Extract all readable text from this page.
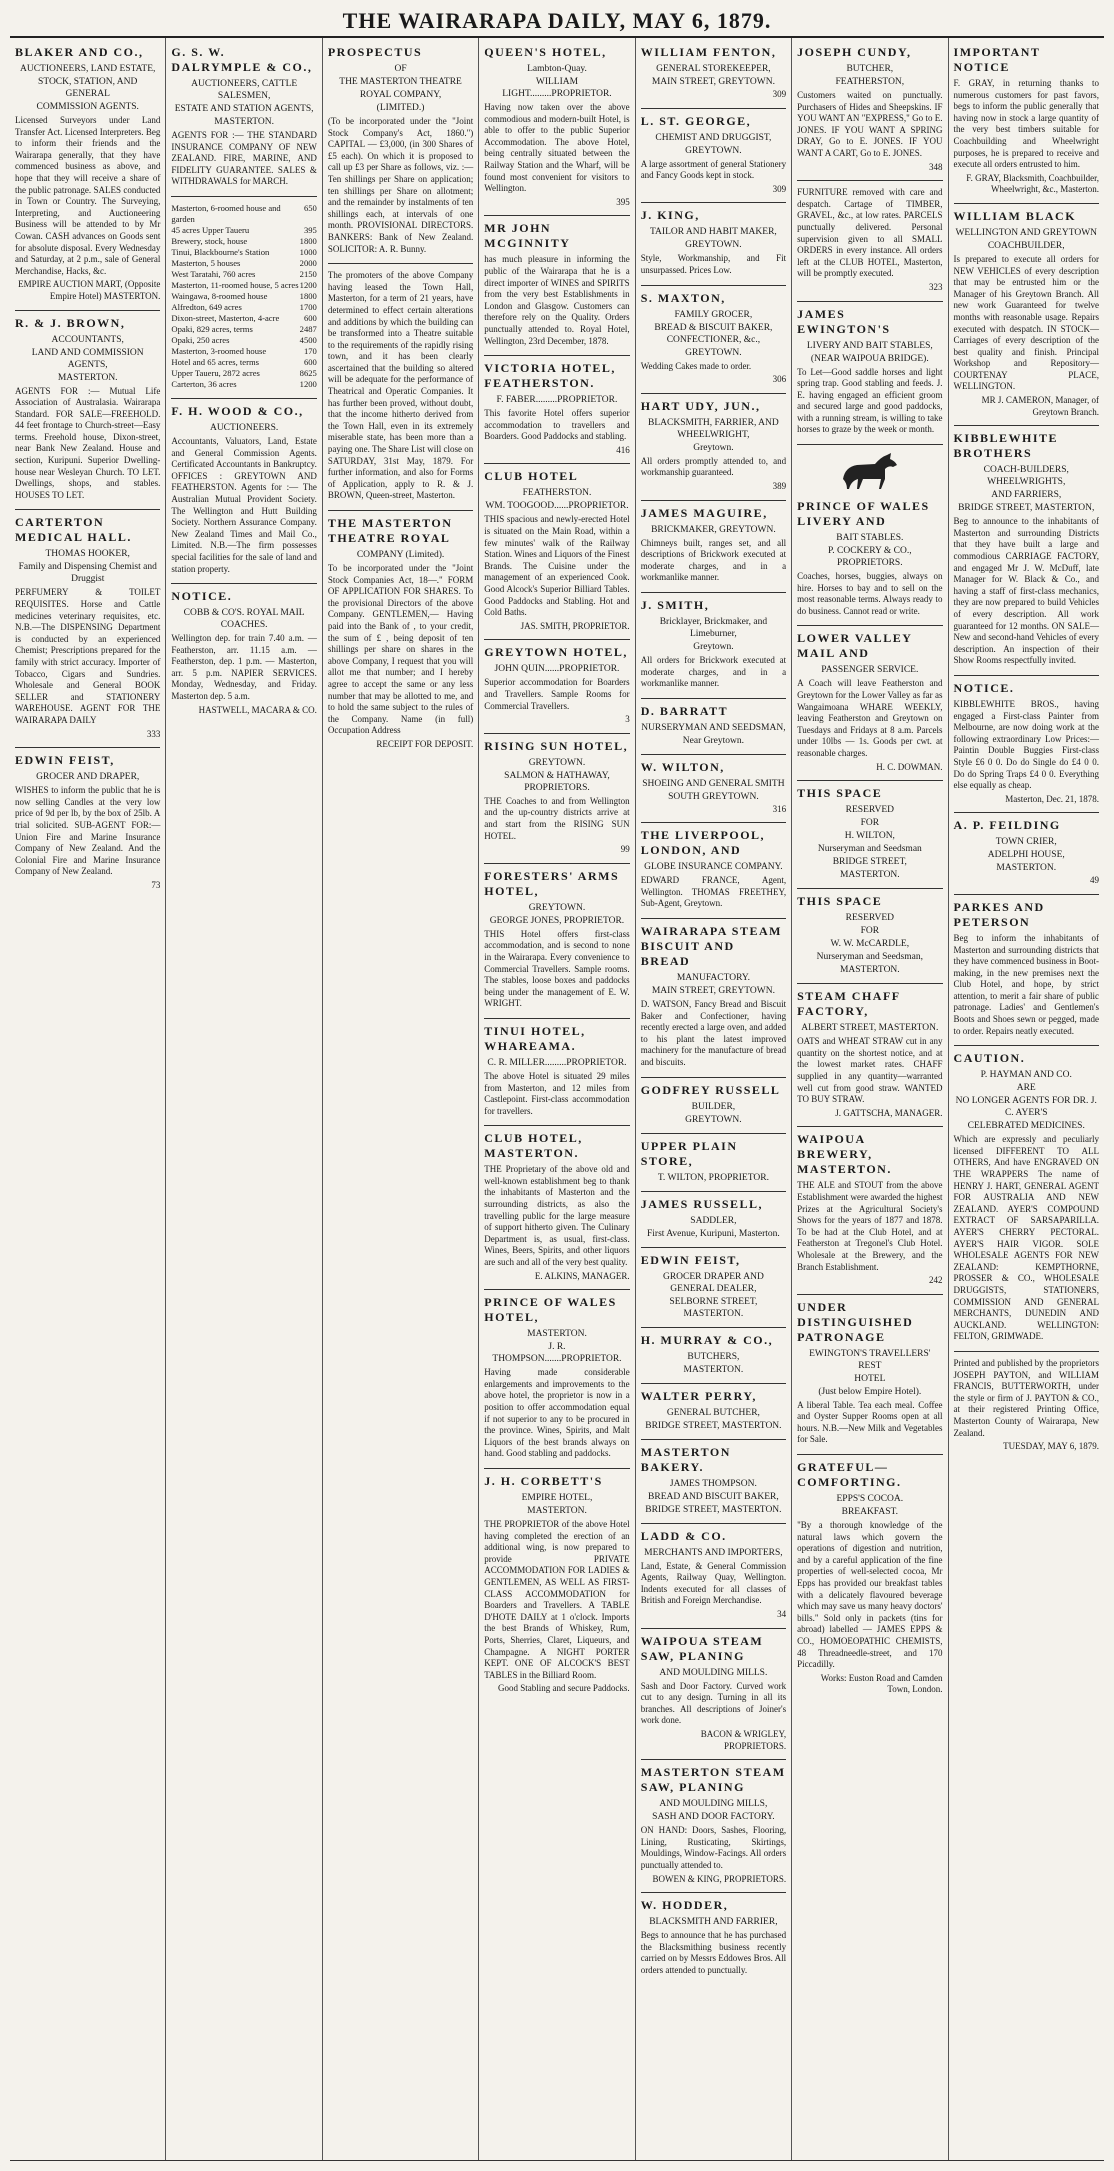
THE WAIRARAPA DAILY, MAY 6, 1879.
BLAKER AND CO.,
AUCTIONEERS, LAND ESTATE,
STOCK, STATION, AND GENERAL
COMMISSION AGENTS.
Licensed Surveyors under Land Transfer Act. Licensed Interpreters. Beg to inform their friends and the Wairarapa generally, that they have commenced business as above, and hope that they will receive a share of the public patronage. SALES conducted in Town or Country. The Surveying, Interpreting, and Auctioneering Business will be attended to by Mr Cowan. CASH advances on Goods sent for absolute disposal. Every Wednesday and Saturday, at 2 p.m., sale of General Merchandise, Hacks, &c.
EMPIRE AUCTION MART, (Opposite Empire Hotel) MASTERTON.
R. & J. BROWN,
ACCOUNTANTS,
LAND AND COMMISSION AGENTS,
MASTERTON.
AGENTS FOR :— Mutual Life Association of Australasia. Wairarapa Standard. FOR SALE—FREEHOLD. 44 feet frontage to Church-street—Easy terms. Freehold house, Dixon-street, near Bank New Zealand. House and section, Kuripuni. Superior Dwelling-house near Wesleyan Church. TO LET. Dwellings, shops, and stables. HOUSES TO LET.
CARTERTON MEDICAL HALL.
THOMAS HOOKER,
Family and Dispensing Chemist and Druggist
PERFUMERY & TOILET REQUISITES. Horse and Cattle medicines veterinary requisites, etc. N.B.—The DISPENSING Department is conducted by an experienced Chemist; Prescriptions prepared for the family with strict accuracy. Importer of Tobacco, Cigars and Sundries. Wholesale and General BOOK SELLER and STATIONERY WAREHOUSE. AGENT FOR THE WAIRARAPA DAILY
333
EDWIN FEIST,
GROCER AND DRAPER,
WISHES to inform the public that he is now selling Candles at the very low price of 9d per lb, by the box of 25lb. A trial solicited. SUB-AGENT FOR:— Union Fire and Marine Insurance Company of New Zealand. And the Colonial Fire and Marine Insurance Company of New Zealand.
73
G. S. W. DALRYMPLE & CO.,
AUCTIONEERS, CATTLE SALESMEN,
ESTATE AND STATION AGENTS,
MASTERTON.
AGENTS FOR :— THE STANDARD INSURANCE COMPANY OF NEW ZEALAND. FIRE, MARINE, AND FIDELITY GUARANTEE. SALES & WITHDRAWALS for MARCH.
Masterton, 6-roomed house and garden
650
45 acres Upper Taueru	395
Brewery, stock, house	1800
Tinui, Blackbourne's Station	1000
Masterton, 5 houses	2000
West Taratahi, 760 acres	2150
Masterton, 11-roomed house, 5 acres 1200
Waingawa, 8-roomed house	1800
Alfredton, 649 acres	1700
Dixon-street, Masterton, 4-acre	600
Opaki, 829 acres, terms	2487
Opaki, 250 acres	4500
Masterton, 3-roomed house	170
Hotel and 65 acres, terms	600
Upper Taueru, 2872 acres	8625
Carterton, 36 acres	1200
F. H. WOOD & CO.,
AUCTIONEERS.
Accountants, Valuators, Land, Estate and General Commission Agents. Certificated Accountants in Bankruptcy. OFFICES : GREYTOWN AND FEATHERSTON. Agents for :— The Australian Mutual Provident Society. The Wellington and Hutt Building Society. Northern Assurance Company. New Zealand Times and Mail Co., Limited. N.B.—The firm possesses special facilities for the sale of land and station property.
NOTICE.
COBB & CO'S. ROYAL MAIL COACHES.
Wellington dep. for train 7.40 a.m. — Featherston, arr. 11.15 a.m. — Featherston, dep. 1 p.m. — Masterton, arr. 5 p.m. NAPIER SERVICES. Monday, Wednesday, and Friday. Masterton dep. 5 a.m.
HASTWELL, MACARA & CO.
PROSPECTUS
OF
THE MASTERTON THEATRE
ROYAL COMPANY,
(LIMITED.)
(To be incorporated under the "Joint Stock Company's Act, 1860.") CAPITAL — £3,000, (in 300 Shares of £5 each). On which it is proposed to call up £3 per Share as follows, viz. :—Ten shillings per Share on application; ten shillings per Share on allotment; and the remainder by instalments of ten shillings each, at intervals of one month. PROVISIONAL DIRECTORS. BANKERS: Bank of New Zealand. SOLICITOR: A. R. Bunny.
The promoters of the above Company having leased the Town Hall, Masterton, for a term of 21 years, have determined to effect certain alterations and additions by which the building can be transformed into a Theatre suitable to the requirements of the rapidly rising town, and it has been clearly ascertained that the building so altered will be adequate for the performance of Theatrical and Operatic Companies. It has further been proved, without doubt, that the income hitherto derived from the Town Hall, even in its extremely miserable state, has been more than a paying one. The Share List will close on SATURDAY, 31st May, 1879. For further information, and also for Forms of Application, apply to R. & J. BROWN, Queen-street, Masterton.
THE MASTERTON THEATRE ROYAL
COMPANY (Limited).
To be incorporated under the "Joint Stock Companies Act, 18—." FORM OF APPLICATION FOR SHARES. To the provisional Directors of the above Company. GENTLEMEN,— Having paid into the Bank of , to your credit, the sum of £ , being deposit of ten shillings per share on shares in the above Company, I request that you will allot me that number; and I hereby agree to accept the same or any less number that may be allotted to me, and to hold the same subject to the rules of the Company. Name (in full) Occupation Address
RECEIPT FOR DEPOSIT.
QUEEN'S HOTEL,
Lambton-Quay.
WILLIAM LIGHT.........PROPRIETOR.
Having now taken over the above commodious and modern-built Hotel, is able to offer to the public Superior Accommodation. The above Hotel, being centrally situated between the Railway Station and the Wharf, will be found most convenient for visitors to Wellington.
395
MR JOHN MCGINNITY
has much pleasure in informing the public of the Wairarapa that he is a direct importer of WINES and SPIRITS from the very best Establishments in London and Glasgow. Customers can therefore rely on the Quality. Orders punctually attended to. Royal Hotel, Wellington, 23rd December, 1878.
VICTORIA HOTEL, FEATHERSTON.
F. FABER.........PROPRIETOR.
This favorite Hotel offers superior accommodation to travellers and Boarders. Good Paddocks and stabling.
416
CLUB HOTEL
FEATHERSTON.
WM. TOOGOOD......PROPRIETOR.
THIS spacious and newly-erected Hotel is situated on the Main Road, within a few minutes' walk of the Railway Station. Wines and Liquors of the Finest Brands. The Cuisine under the management of an experienced Cook. Good Alcock's Superior Billiard Tables. Good Paddocks and Stabling. Hot and Cold Baths.
JAS. SMITH, PROPRIETOR.
GREYTOWN HOTEL,
JOHN QUIN......PROPRIETOR.
Superior accommodation for Boarders and Travellers. Sample Rooms for Commercial Travellers.
3
RISING SUN HOTEL,
GREYTOWN.
SALMON & HATHAWAY, PROPRIETORS.
THE Coaches to and from Wellington and the up-country districts arrive at and start from the RISING SUN HOTEL.
99
FORESTERS' ARMS HOTEL,
GREYTOWN.
GEORGE JONES, PROPRIETOR.
THIS Hotel offers first-class accommodation, and is second to none in the Wairarapa. Every convenience to Commercial Travellers. Sample rooms. The stables, loose boxes and paddocks being under the management of E. W. WRIGHT.
TINUI HOTEL, WHAREAMA.
C. R. MILLER.........PROPRIETOR.
The above Hotel is situated 29 miles from Masterton, and 12 miles from Castlepoint. First-class accommodation for travellers.
CLUB HOTEL, MASTERTON.
THE Proprietary of the above old and well-known establishment beg to thank the inhabitants of Masterton and the surrounding districts, as also the travelling public for the large measure of support hitherto given. The Culinary Department is, as usual, first-class. Wines, Beers, Spirits, and other liquors are such and all of the very best quality.
E. ALKINS, MANAGER.
PRINCE OF WALES HOTEL,
MASTERTON.
J. R. THOMPSON.......PROPRIETOR.
Having made considerable enlargements and improvements to the above hotel, the proprietor is now in a position to offer accommodation equal if not superior to any to be procured in the province. Wines, Spirits, and Malt Liquors of the best brands always on hand. Good stabling and paddocks.
J. H. CORBETT'S
EMPIRE HOTEL,
MASTERTON.
THE PROPRIETOR of the above Hotel having completed the erection of an additional wing, is now prepared to provide PRIVATE ACCOMMODATION FOR LADIES & GENTLEMEN, AS WELL AS FIRST-CLASS ACCOMMODATION for Boarders and Travellers. A TABLE D'HOTE DAILY at 1 o'clock. Imports the best Brands of Whiskey, Rum, Ports, Sherries, Claret, Liqueurs, and Champagne. A NIGHT PORTER KEPT. ONE OF ALCOCK'S BEST TABLES in the Billiard Room.
Good Stabling and secure Paddocks.
WILLIAM FENTON,
GENERAL STOREKEEPER,
MAIN STREET, GREYTOWN.
309
L. ST. GEORGE,
CHEMIST AND DRUGGIST,
GREYTOWN.
A large assortment of general Stationery and Fancy Goods kept in stock.
309
J. KING,
TAILOR AND HABIT MAKER,
GREYTOWN.
Style, Workmanship, and Fit unsurpassed. Prices Low.
S. MAXTON,
FAMILY GROCER,
BREAD & BISCUIT BAKER, CONFECTIONER, &c.,
GREYTOWN.
Wedding Cakes made to order.
306
HART UDY, JUN.,
BLACKSMITH, FARRIER, AND WHEELWRIGHT,
Greytown.
All orders promptly attended to, and workmanship guaranteed.
389
JAMES MAGUIRE,
BRICKMAKER, GREYTOWN.
Chimneys built, ranges set, and all descriptions of Brickwork executed at moderate charges, and in a workmanlike manner.
J. SMITH,
Bricklayer, Brickmaker, and Limeburner,
Greytown.
All orders for Brickwork executed at moderate charges, and in a workmanlike manner.
D. BARRATT
NURSERYMAN AND SEEDSMAN,
Near Greytown.
W. WILTON,
SHOEING AND GENERAL SMITH
SOUTH GREYTOWN.
316
THE LIVERPOOL, LONDON, AND
GLOBE INSURANCE COMPANY.
EDWARD FRANCE, Agent, Wellington. THOMAS FREETHEY, Sub-Agent, Greytown.
WAIRARAPA STEAM BISCUIT AND BREAD
MANUFACTORY.
MAIN STREET, GREYTOWN.
D. WATSON, Fancy Bread and Biscuit Baker and Confectioner, having recently erected a large oven, and added to his plant the latest improved machinery for the manufacture of bread and biscuits.
GODFREY RUSSELL
BUILDER,
GREYTOWN.
UPPER PLAIN STORE,
T. WILTON, PROPRIETOR.
JAMES RUSSELL,
SADDLER,
First Avenue, Kuripuni, Masterton.
EDWIN FEIST,
GROCER DRAPER AND GENERAL DEALER,
SELBORNE STREET, MASTERTON.
H. MURRAY & CO.,
BUTCHERS,
MASTERTON.
WALTER PERRY,
GENERAL BUTCHER,
BRIDGE STREET, MASTERTON.
MASTERTON BAKERY.
JAMES THOMPSON.
BREAD AND BISCUIT BAKER,
BRIDGE STREET, MASTERTON.
LADD & CO.
MERCHANTS AND IMPORTERS,
Land, Estate, & General Commission Agents, Railway Quay, Wellington. Indents executed for all classes of British and Foreign Merchandise.
34
WAIPOUA STEAM SAW, PLANING
AND MOULDING MILLS.
Sash and Door Factory. Curved work cut to any design. Turning in all its branches. All descriptions of Joiner's work done.
BACON & WRIGLEY, PROPRIETORS.
MASTERTON STEAM SAW, PLANING
AND MOULDING MILLS,
SASH AND DOOR FACTORY.
ON HAND: Doors, Sashes, Flooring, Lining, Rusticating, Skirtings, Mouldings, Window-Facings. All orders punctually attended to.
BOWEN & KING, PROPRIETORS.
W. HODDER,
BLACKSMITH AND FARRIER,
Begs to announce that he has purchased the Blacksmithing business recently carried on by Messrs Eddowes Bros. All orders attended to punctually.
JOSEPH CUNDY,
BUTCHER,
FEATHERSTON,
Customers waited on punctually. Purchasers of Hides and Sheepskins. IF YOU WANT AN "EXPRESS," Go to E. JONES. IF YOU WANT A SPRING DRAY, Go to E. JONES. IF YOU WANT A CART, Go to E. JONES.
348
FURNITURE removed with care and despatch. Cartage of TIMBER, GRAVEL, &c., at low rates. PARCELS punctually delivered. Personal supervision given to all SMALL ORDERS in every instance. All orders left at the CLUB HOTEL, Masterton, will be promptly executed.
323
JAMES EWINGTON'S
LIVERY AND BAIT STABLES,
(NEAR WAIPOUA BRIDGE).
To Let—Good saddle horses and light spring trap. Good stabling and feeds. J. E. having engaged an efficient groom and secured large and good paddocks, with a running stream, is willing to take horses to graze by the week or month.
PRINCE OF WALES LIVERY AND
BAIT STABLES.
P. COCKERY & CO., PROPRIETORS.
Coaches, horses, buggies, always on hire. Horses to bay and to sell on the most reasonable terms. Always ready to do business. Cannot read or write.
LOWER VALLEY MAIL AND
PASSENGER SERVICE.
A Coach will leave Featherston and Greytown for the Lower Valley as far as Wangaimoana WHARE WEEKLY, leaving Featherston and Greytown on Tuesdays and Fridays at 8 a.m. Parcels under 10lbs — 1s. Goods per cwt. at reasonable charges.
H. C. DOWMAN.
THIS SPACE
RESERVED
FOR
H. WILTON,
Nurseryman and Seedsman
BRIDGE STREET,
MASTERTON.
THIS SPACE
RESERVED
FOR
W. W. McCARDLE,
Nurseryman and Seedsman,
MASTERTON.
STEAM CHAFF FACTORY,
ALBERT STREET, MASTERTON.
OATS and WHEAT STRAW cut in any quantity on the shortest notice, and at the lowest market rates. CHAFF supplied in any quantity—warranted well cut from good straw. WANTED TO BUY STRAW.
J. GATTSCHA, MANAGER.
WAIPOUA BREWERY, MASTERTON.
THE ALE and STOUT from the above Establishment were awarded the highest Prizes at the Agricultural Society's Shows for the years of 1877 and 1878. To be had at the Club Hotel, and at Featherston at Tregonel's Club Hotel. Wholesale at the Brewery, and the Branch Establishment.
242
UNDER DISTINGUISHED PATRONAGE
EWINGTON'S TRAVELLERS' REST
HOTEL
(Just below Empire Hotel).
A liberal Table. Tea each meal. Coffee and Oyster Supper Rooms open at all hours. N.B.—New Milk and Vegetables for Sale.
GRATEFUL—COMFORTING.
EPPS'S COCOA.
BREAKFAST.
"By a thorough knowledge of the natural laws which govern the operations of digestion and nutrition, and by a careful application of the fine properties of well-selected cocoa, Mr Epps has provided our breakfast tables with a delicately flavoured beverage which may save us many heavy doctors' bills." Sold only in packets (tins for abroad) labelled — JAMES EPPS & CO., HOMOEOPATHIC CHEMISTS, 48 Threadneedle-street, and 170 Piccadilly.
Works: Euston Road and Camden Town, London.
IMPORTANT NOTICE
F. GRAY, in returning thanks to numerous customers for past favors, begs to inform the public generally that having now in stock a large quantity of the very best timbers suitable for Coachbuilding and Wheelwright purposes, he is prepared to receive and execute all orders entrusted to him.
F. GRAY, Blacksmith, Coachbuilder, Wheelwright, &c., Masterton.
WILLIAM BLACK
WELLINGTON AND GREYTOWN
COACHBUILDER,
Is prepared to execute all orders for NEW VEHICLES of every description that may be entrusted him or the Manager of his Greytown Branch. All new work Guaranteed for twelve months with reasonable usage. Repairs executed with despatch. IN STOCK—Carriages of every description of the best quality and finish. Principal Workshop and Repository—COURTENAY PLACE, WELLINGTON.
MR J. CAMERON, Manager, of Greytown Branch.
KIBBLEWHITE BROTHERS
COACH-BUILDERS, WHEELWRIGHTS,
AND FARRIERS,
BRIDGE STREET, MASTERTON,
Beg to announce to the inhabitants of Masterton and surrounding Districts that they have built a large and commodious CARRIAGE FACTORY, and engaged Mr J. W. McDuff, late Manager for W. Black & Co., and having a staff of first-class mechanics, they are now prepared to build Vehicles of every description. All work guaranteed for 12 months. ON SALE—New and second-hand Vehicles of every description. An inspection of their Show Rooms respectfully invited.
NOTICE.
KIBBLEWHITE BROS., having engaged a First-class Painter from Melbourne, are now doing work at the following extraordinary Low Prices:— Paintin Double Buggies First-class Style £6 0 0. Do do Single do £4 0 0. Do do Spring Traps £4 0 0. Everything else equally as cheap.
Masterton, Dec. 21, 1878.
A. P. FEILDING
TOWN CRIER,
ADELPHI HOUSE,
MASTERTON.
49
PARKES AND PETERSON
Beg to inform the inhabitants of Masterton and surrounding districts that they have commenced business in Boot-making, in the new premises next the Club Hotel, and hope, by strict attention, to merit a fair share of public patronage. Ladies' and Gentlemen's Boots and Shoes sewn or pegged, made to order. Repairs neatly executed.
CAUTION.
P. HAYMAN AND CO.
ARE
NO LONGER AGENTS FOR DR. J. C. AYER'S
CELEBRATED MEDICINES.
Which are expressly and peculiarly licensed DIFFERENT TO ALL OTHERS, And have ENGRAVED ON THE WRAPPERS The name of HENRY J. HART, GENERAL AGENT FOR AUSTRALIA AND NEW ZEALAND. AYER'S COMPOUND EXTRACT OF SARSAPARILLA. AYER'S CHERRY PECTORAL. AYER'S HAIR VIGOR. SOLE WHOLESALE AGENTS FOR NEW ZEALAND: KEMPTHORNE, PROSSER & CO., WHOLESALE DRUGGISTS, STATIONERS, COMMISSION AND GENERAL MERCHANTS, DUNEDIN AND AUCKLAND. WELLINGTON: FELTON, GRIMWADE.
Printed and published by the proprietors JOSEPH PAYTON, and WILLIAM FRANCIS, BUTTERWORTH, under the style or firm of J. PAYTON & CO., at their registered Printing Office, Masterton County of Wairarapa, New Zealand.
TUESDAY, MAY 6, 1879.
